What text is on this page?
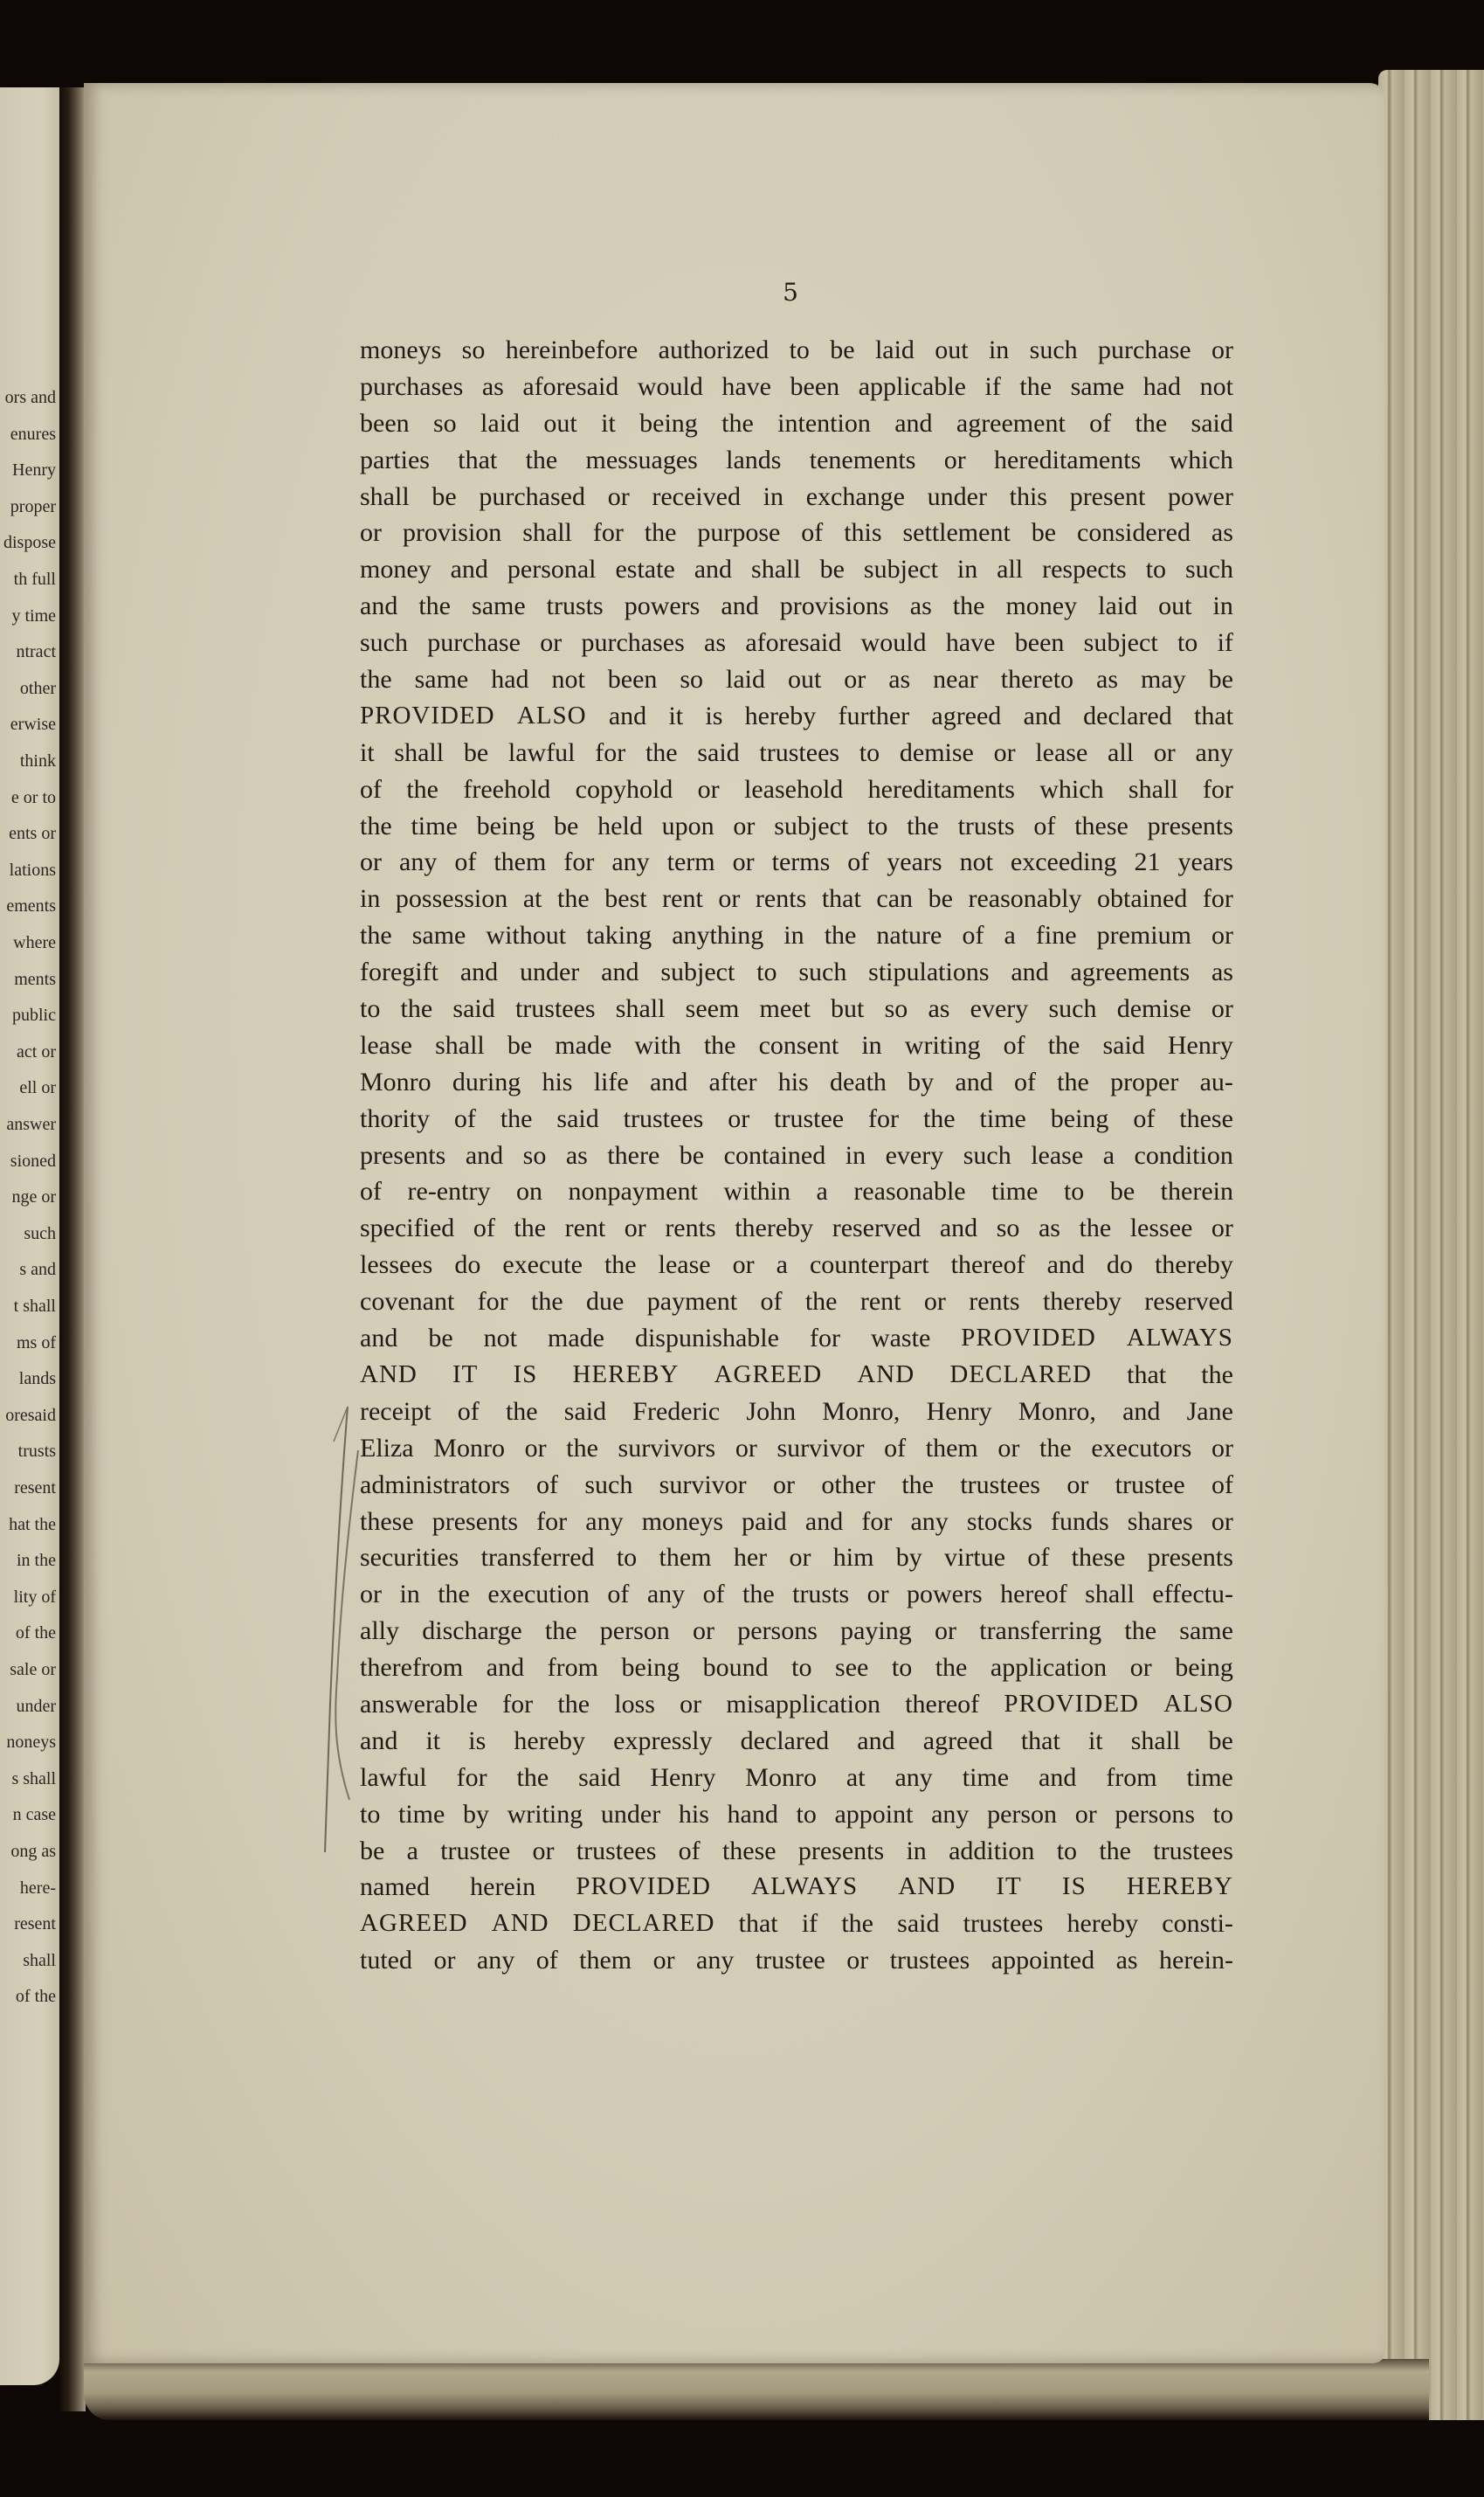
ors and
enures
Henry
proper
dispose
th full
y time
ntract
other
erwise
think
e or to
ents or
lations
ements
where
ments
public
act or
ell or
answer
sioned
nge or
such
s and
t shall
ms of
lands
oresaid
trusts
resent
hat the
in the
lity of
of the
sale or
under
noneys
s shall
n case
ong as
here-
resent
shall
of the
5
moneys so hereinbefore authorized to be laid out in such purchase or
purchases as aforesaid would have been applicable if the same had not
been so laid out it being the intention and agreement of the said
parties that the messuages lands tenements or hereditaments which
shall be purchased or received in exchange under this present power
or provision shall for the purpose of this settlement be considered as
money and personal estate and shall be subject in all respects to such
and the same trusts powers and provisions as the money laid out in
such purchase or purchases as aforesaid would have been subject to if
the same had not been so laid out or as near thereto as may be
PROVIDED ALSO and it is hereby further agreed and declared that
it shall be lawful for the said trustees to demise or lease all or any
of the freehold copyhold or leasehold hereditaments which shall for
the time being be held upon or subject to the trusts of these presents
or any of them for any term or terms of years not exceeding 21 years
in possession at the best rent or rents that can be reasonably obtained for
the same without taking anything in the nature of a fine premium or
foregift and under and subject to such stipulations and agreements as
to the said trustees shall seem meet but so as every such demise or
lease shall be made with the consent in writing of the said Henry
Monro during his life and after his death by and of the proper au-
thority of the said trustees or trustee for the time being of these
presents and so as there be contained in every such lease a condition
of re-entry on nonpayment within a reasonable time to be therein
specified of the rent or rents thereby reserved and so as the lessee or
lessees do execute the lease or a counterpart thereof and do thereby
covenant for the due payment of the rent or rents thereby reserved
and be not made dispunishable for waste PROVIDED ALWAYS
AND IT IS HEREBY AGREED AND DECLARED that the
receipt of the said Frederic John Monro, Henry Monro, and Jane
Eliza Monro or the survivors or survivor of them or the executors or
administrators of such survivor or other the trustees or trustee of
these presents for any moneys paid and for any stocks funds shares or
securities transferred to them her or him by virtue of these presents
or in the execution of any of the trusts or powers hereof shall effectu-
ally discharge the person or persons paying or transferring the same
therefrom and from being bound to see to the application or being
answerable for the loss or misapplication thereof PROVIDED ALSO
and it is hereby expressly declared and agreed that it shall be
lawful for the said Henry Monro at any time and from time
to time by writing under his hand to appoint any person or persons to
be a trustee or trustees of these presents in addition to the trustees
named herein PROVIDED ALWAYS AND IT IS HEREBY
AGREED AND DECLARED that if the said trustees hereby consti-
tuted or any of them or any trustee or trustees appointed as herein-
